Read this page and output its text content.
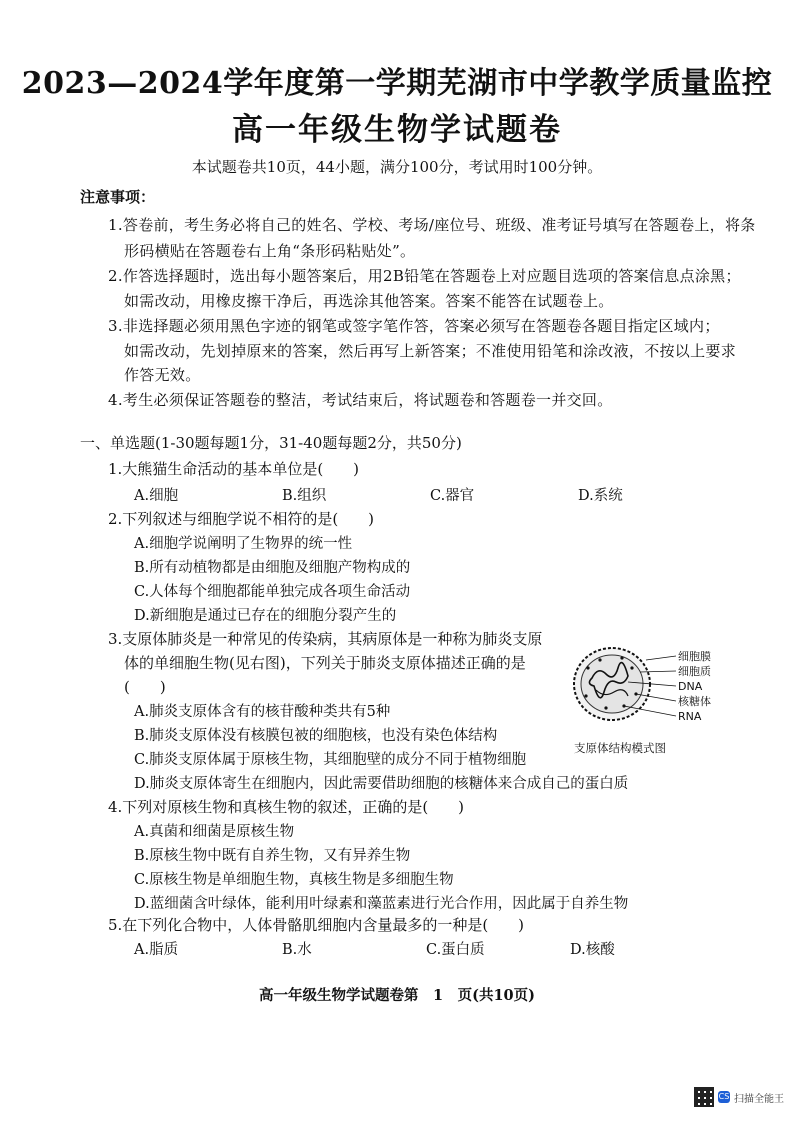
2023—2024学年度第一学期芜湖市中学教学质量监控
高一年级生物学试题卷
本试题卷共10页，44小题，满分100分，考试用时100分钟。
注意事项：
1.答卷前，考生务必将自己的姓名、学校、考场/座位号、班级、准考证号填写在答题卷上，将条
形码横贴在答题卷右上角“条形码粘贴处”。
2.作答选择题时，选出每小题答案后，用2B铅笔在答题卷上对应题目选项的答案信息点涂黑；
如需改动，用橡皮擦干净后，再选涂其他答案。答案不能答在试题卷上。
3.非选择题必须用黑色字迹的钢笔或签字笔作答，答案必须写在答题卷各题目指定区域内；
如需改动，先划掉原来的答案，然后再写上新答案；不准使用铅笔和涂改液，不按以上要求
作答无效。
4.考生必须保证答题卷的整洁，考试结束后，将试题卷和答题卷一并交回。
一、单选题(1-30题每题1分，31-40题每题2分，共50分)
1.大熊猫生命活动的基本单位是(　　)
A.细胞	B.组织	C.器官	D.系统
2.下列叙述与细胞学说不相符的是(　　)
A.细胞学说阐明了生物界的统一性
B.所有动植物都是由细胞及细胞产物构成的
C.人体每个细胞都能单独完成各项生命活动
D.新细胞是通过已存在的细胞分裂产生的
3.支原体肺炎是一种常见的传染病，其病原体是一种称为肺炎支原
体的单细胞生物(见右图)，下列关于肺炎支原体描述正确的是
(　　)
A.肺炎支原体含有的核苷酸种类共有5种
B.肺炎支原体没有核膜包被的细胞核，也没有染色体结构
C.肺炎支原体属于原核生物，其细胞壁的成分不同于植物细胞
D.肺炎支原体寄生在细胞内，因此需要借助细胞的核糖体来合成自己的蛋白质
细胞膜
细胞质
DNA
核糖体
RNA
支原体结构模式图
4.下列对原核生物和真核生物的叙述，正确的是(　　)
A.真菌和细菌是原核生物
B.原核生物中既有自养生物，又有异养生物
C.原核生物是单细胞生物，真核生物是多细胞生物
D.蓝细菌含叶绿体，能利用叶绿素和藻蓝素进行光合作用，因此属于自养生物
5.在下列化合物中，人体骨骼肌细胞内含量最多的一种是(　　)
A.脂质	B.水	C.蛋白质	D.核酸
高一年级生物学试题卷第　1　页(共10页)
CS 扫描全能王
